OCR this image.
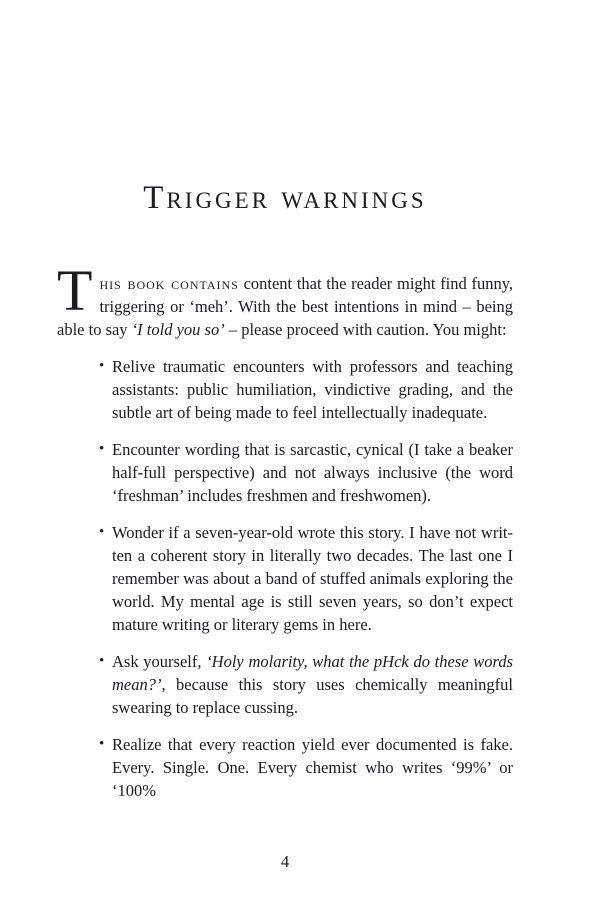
Trigger warnings

This book contains content that the reader might find funny, triggering or ‘meh’. With the best intentions in mind – being able to say ‘I told you so’ – please proceed with caution. You might:

• Relive traumatic encounters with professors and teaching assistants: public humiliation, vindictive grading, and the subtle art of being made to feel intellectually inadequate.
• Encounter wording that is sarcastic, cynical (I take a beaker half-full perspective) and not always inclusive (the word ‘freshman’ includes freshmen and freshwomen).
• Wonder if a seven-year-old wrote this story. I have not written a coherent story in literally two decades. The last one I remember was about a band of stuffed animals exploring the world. My mental age is still seven years, so don’t expect mature writing or literary gems in here.
• Ask yourself, ‘Holy molarity, what the pHck do these words mean?’, because this story uses chemically meaningful swearing to replace cussing.
• Realize that every reaction yield ever documented is fake. Every. Single. One. Every chemist who writes ‘99%’ or ‘100%
4
